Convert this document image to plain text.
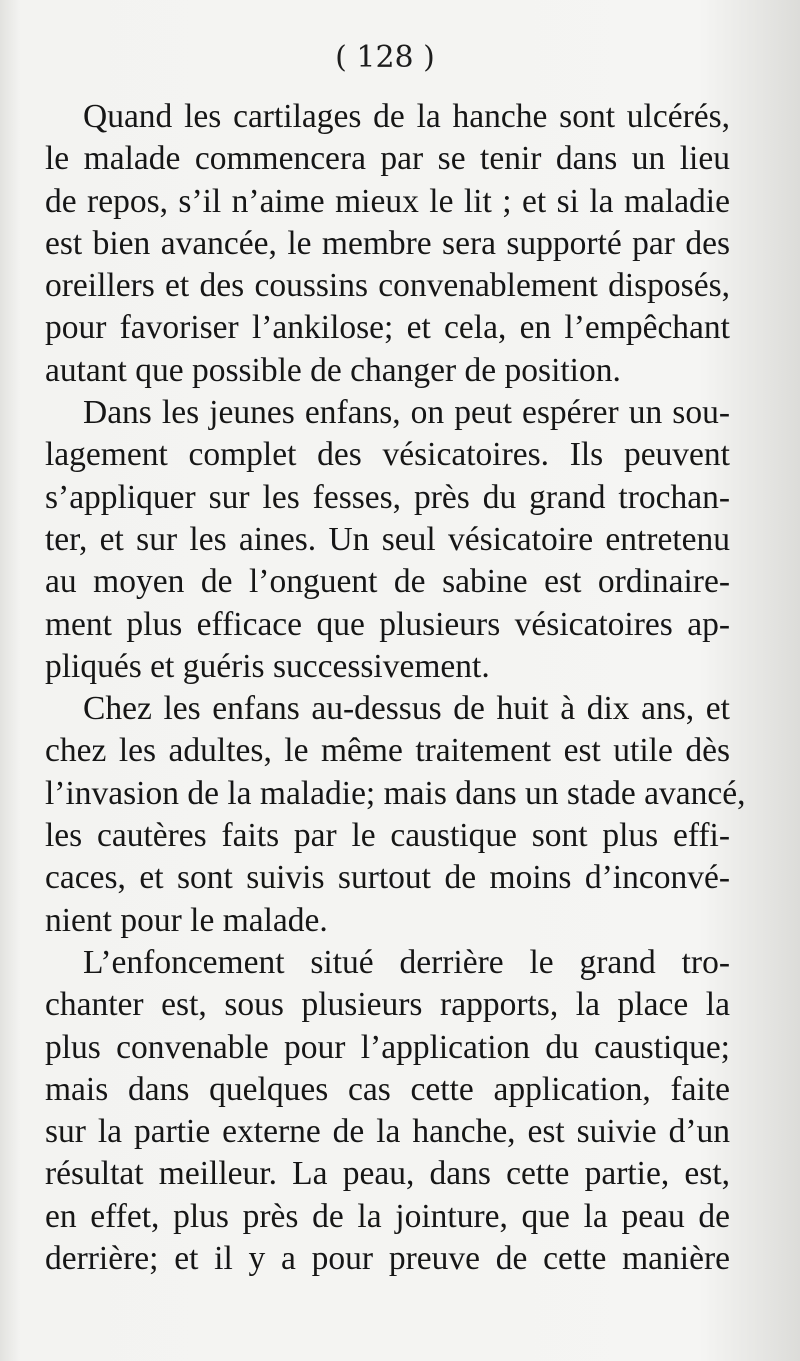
( 128 )
Quand les cartilages de la hanche sont ulcérés,
le malade commencera par se tenir dans un lieu
de repos, s’il n’aime mieux le lit ; et si la maladie
est bien avancée, le membre sera supporté par des
oreillers et des coussins convenablement disposés,
pour favoriser l’ankilose; et cela, en l’empêchant
autant que possible de changer de position.
Dans les jeunes enfans, on peut espérer un sou-
lagement complet des vésicatoires. Ils peuvent
s’appliquer sur les fesses, près du grand trochan-
ter, et sur les aines. Un seul vésicatoire entretenu
au moyen de l’onguent de sabine est ordinaire-
ment plus efficace que plusieurs vésicatoires ap-
pliqués et guéris successivement.
Chez les enfans au-dessus de huit à dix ans, et
chez les adultes, le même traitement est utile dès
l’invasion de la maladie; mais dans un stade avancé,
les cautères faits par le caustique sont plus effi-
caces, et sont suivis surtout de moins d’inconvé-
nient pour le malade.
L’enfoncement situé derrière le grand tro-
chanter est, sous plusieurs rapports, la place la
plus convenable pour l’application du caustique;
mais dans quelques cas cette application, faite
sur la partie externe de la hanche, est suivie d’un
résultat meilleur. La peau, dans cette partie, est,
en effet, plus près de la jointure, que la peau de
derrière; et il y a pour preuve de cette manière
